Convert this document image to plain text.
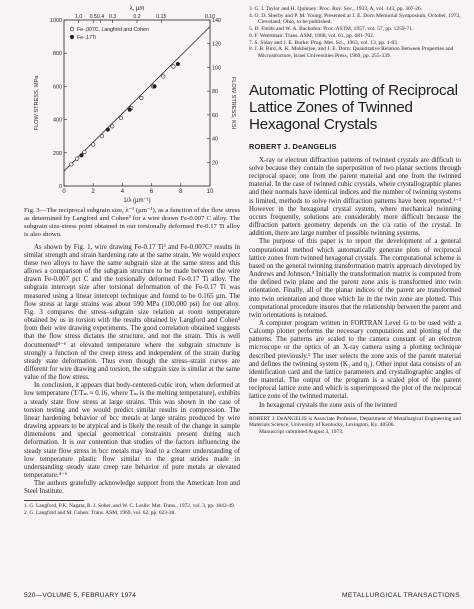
0	2	4	6	8	10
1.0 0.5 0.4 0.3	0.2	0.15	0.10
λ, μm
0
200
400
600
800
1000
20
40
60
80
100
120
140
FLOW STRESS, MPa	FLOW STRESS, KSI
1/λ (μm⁻¹)
Fe-.007C, Langford and Cohen
Fe-.17Ti

Fig. 3—The reciprocal subgrain size, λ⁻¹ (μm⁻¹), as a function of the flow stress as determined by Langford and Cohen³ for a wire drawn Fe-0.007 C alloy. The subgrain size-stress point obtained in our torsionally deformed Fe-0.17 Ti alloy is also shown.

As shown by Fig. 1, wire drawing Fe-0.17 Ti³ and Fe-0.007C³ results in similar strength and strain hardening rate at the same strain. We would expect these two alloys to have the same subgrain size at the same stress and this allows a comparison of the subgrain structure to be made between the wire drawn Fe-0.007 pct C and the torsionally deformed Fe-0.17 Ti alloy. The subgrain intercept size after torsional deformation of the Fe-0.17 Ti was measured using a linear intercept technique and found to be 0.165 μm. The flow stress at large strains was about 590 MPa (100,000 psi) for our alloy. Fig. 3 compares the stress–subgrain size relation at room temperature obtained by us in torsion with the results obtained by Langford and Cohen³ from their wire drawing experiments. The good correlation obtained suggests that the flow stress dictates the structure, and not the strain. This is well documented⁴⁻⁶ at elevated temperature where the subgrain structure is strongly a function of the creep stress and independent of the strain during steady state deformation. Thus even though the stress–strain curves are different for wire drawing and torsion, the subgrain size is similar at the same value of the flow stress.

In conclusion, it appears that body-centered-cubic iron, when deformed at low temperature (T/Tₘ ≈ 0.16, where Tₘ is the melting temperature), exhibits a steady state flow stress at large strains. This was shown in the case of torsion testing and we would predict similar results in compression. The linear hardening behavior of bcc metals at large strains produced by wire drawing appears to be atypical and is likely the result of the change in sample dimensions and special geometrical constraints present during such deformation. It is our contention that studies of the factors influencing the steady state flow stress in bcc metals may lead to a clearer understanding of low temperature plastic flow similar to the great strides made in understanding steady state creep rate behavior of pure metals at elevated temperature.⁴⁻⁶

The authors gratefully acknowledge support from the American Iron and Steel Institute.

1. G. Langford, P.K. Nagata, R. J. Sober, and W. C. Leslie: Met. Trans., 1972, vol. 3, pp. 1843-49.

2. G. Langford and M. Cohen: Trans. ASM, 1969, vol. 62, pp. 623-38.

3. G. I. Taylor and H. Quinney: Proc. Roy. Soc., 1933, A, vol. 143, pp. 307-26.
4. O. D. Sherby and P. M. Young: Presented at J. E. Dorn Memorial Symposium, October, 1972, Cleveland, Ohio, to be published.
5. D. Fields and W. A. Backofen: Proc. ASTM, 1957, vol. 57, pp. 1259-71.
6. F. Weertman: Trans. ASM, 1968, vol. 61, pp. 681-702.
7. S. Siday and J. E. Burke: Prog. Met. Sci., 1963, vol. 13, pp. 1-83.
8. J. B. Bird, A. K. Mukherjee, and J. E. Dorn: Quantitative Relation Between Properties and Microstructure, Israel Universities Press, 1969, pp. 255-339.
Automatic Plotting of Reciprocal Lattice Zones of Twinned Hexagonal Crystals

ROBERT J. DeANGELIS

X-ray or electron diffraction patterns of twinned crystals are difficult to solve because they contain the superposition of two planar sections through reciprocal space; one from the parent material and one from the twinned material. In the case of twinned cubic crystals, where crystallographic planes and their normals have identical indices and the number of twinning systems is limited, methods to solve twin diffraction patterns have been reported.¹⁻³ However in the hexagonal crystal system, where mechanical twinning occurs frequently, solutions are considerably more difficult because the diffraction pattern geometry depends on the c/a ratio of the crystal. In addition, there are large number of possible twinning systems.

The purpose of this paper is to report the development of a general computational method which automatically generate plots of reciprocal lattice zones from twinned hexagonal crystals. The computational scheme is based on the general twinning transformation matrix approach developed by Andrews and Johnson.⁴ Initially the transformation matrix is computed from the defined twin plane and the parent zone axis is transformed into twin orientation. Finally, all of the planar indices of the parent are transformed into twin orientation and those which lie in the twin zone are plotted. This computational procedure insures that the relationship between the parent and twin orientations is retained.

A computer program written in FORTRAN Level G to be used with a Calcomp plotter performs the necessary computations and plotting of the patterns. The patterns are scaled to the camera constant of an electron microscope or the optics of an X-ray camera using a plotting technique described previously.⁵ The user selects the zone axis of the parent material and defines the twinning system (K₁ and η₁). Other input data consists of an identification card and the lattice parameters and crystallographic angles of the material. The output of the program is a scaled plot of the parent reciprocal lattice zone and which is superimposed the plot of the reciprocal lattice zone of the twinned material.

In hexagonal crystals the zone axis of the twinned

ROBERT J. DeANGELIS is Associate Professor, Department of Metallurgical Engineering and Materials Science, University of Kentucky, Lexington, Ky. 40506.

Manuscript submitted August 3, 1973.

520—VOLUME 5, FEBRUARY 1974	METALLURGICAL TRANSACTIONS
